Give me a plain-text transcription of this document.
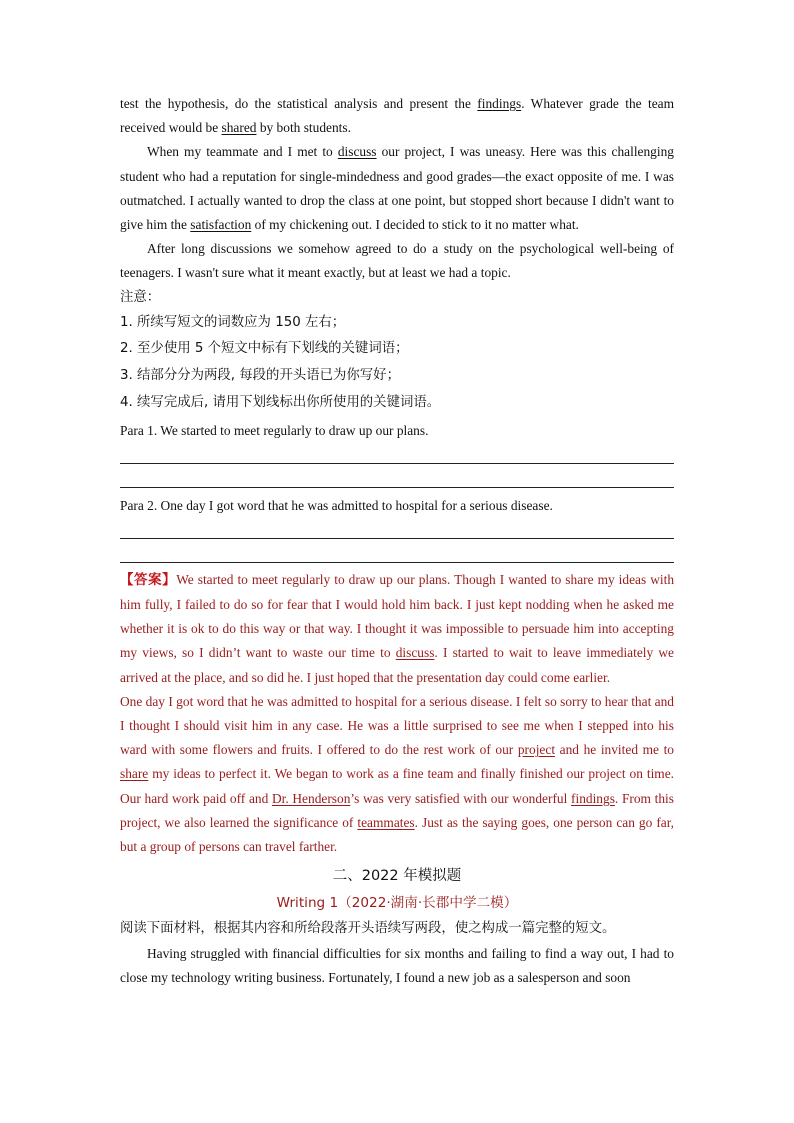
test the hypothesis, do the statistical analysis and present the findings. Whatever grade the team received would be shared by both students.

When my teammate and I met to discuss our project, I was uneasy. Here was this challenging student who had a reputation for single-mindedness and good grades—the exact opposite of me. I was outmatched. I actually wanted to drop the class at one point, but stopped short because I didn't want to give him the satisfaction of my chickening out. I decided to stick to it no matter what.

After long discussions we somehow agreed to do a study on the psychological well-being of teenagers. I wasn't sure what it meant exactly, but at least we had a topic.

注意：

1. 所续写短文的词数应为 150 左右；

2. 至少使用 5 个短文中标有下划线的关键词语；

3. 结部分分为两段, 每段的开头语已为你写好；

4. 续写完成后, 请用下划线标出你所使用的关键词语。

Para 1. We started to meet regularly to draw up our plans.

Para 2. One day I got word that he was admitted to hospital for a serious disease.

【答案】We started to meet regularly to draw up our plans. Though I wanted to share my ideas with him fully, I failed to do so for fear that I would hold him back. I just kept nodding when he asked me whether it is ok to do this way or that way. I thought it was impossible to persuade him into accepting my views, so I didn’t want to waste our time to discuss. I started to wait to leave immediately we arrived at the place, and so did he. I just hoped that the presentation day could come earlier.

One day I got word that he was admitted to hospital for a serious disease. I felt so sorry to hear that and I thought I should visit him in any case. He was a little surprised to see me when I stepped into his ward with some flowers and fruits. I offered to do the rest work of our project and he invited me to share my ideas to perfect it. We began to work as a fine team and finally finished our project on time. Our hard work paid off and Dr. Henderson’s was very satisfied with our wonderful findings. From this project, we also learned the significance of teammates. Just as the saying goes, one person can go far, but a group of persons can travel farther.

二、2022 年模拟题

Writing 1（2022·湖南·长郡中学二模）

阅读下面材料，根据其内容和所给段落开头语续写两段，使之构成一篇完整的短文。

Having struggled with financial difficulties for six months and failing to find a way out, I had to close my technology writing business. Fortunately, I found a new job as a salesperson and soon
